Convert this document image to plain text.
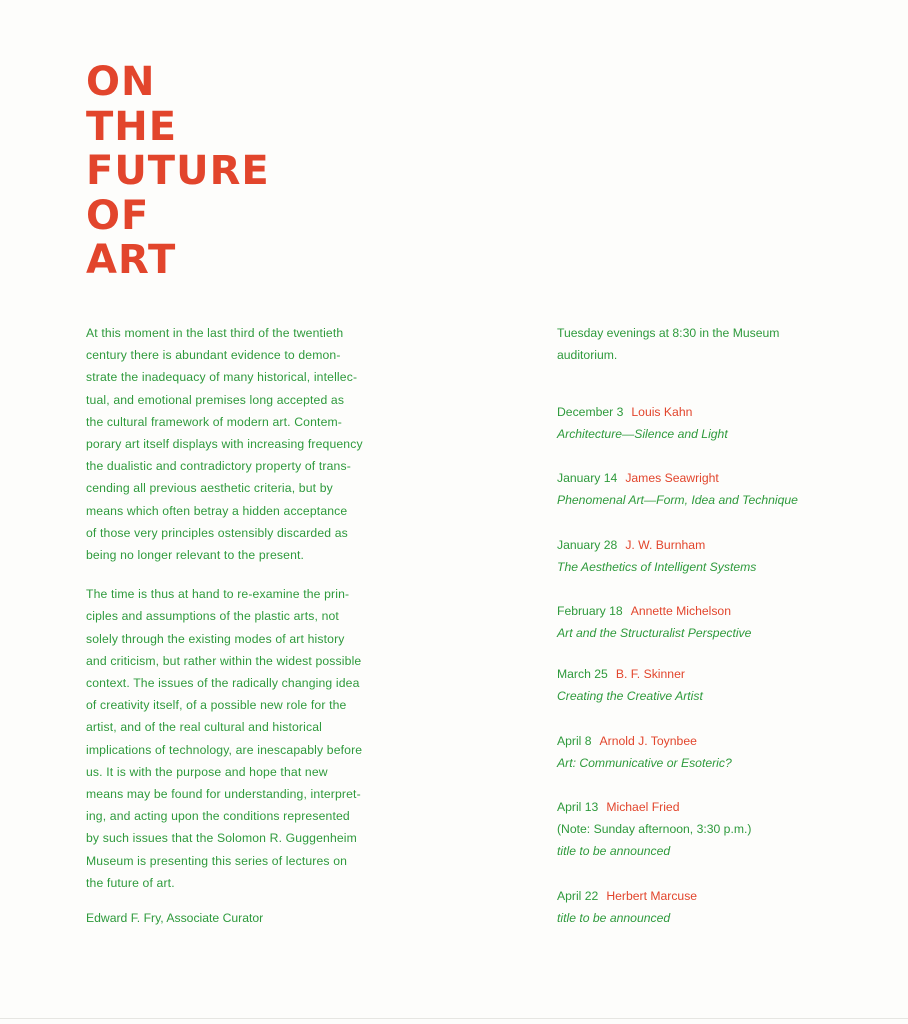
ON
THE
FUTURE
OF
ART

At this moment in the last third of the twentieth
century there is abundant evidence to demon-
strate the inadequacy of many historical, intellec-
tual, and emotional premises long accepted as
the cultural framework of modern art. Contem-
porary art itself displays with increasing frequency
the dualistic and contradictory property of trans-
cending all previous aesthetic criteria, but by
means which often betray a hidden acceptance
of those very principles ostensibly discarded as
being no longer relevant to the present.

The time is thus at hand to re-examine the prin-
ciples and assumptions of the plastic arts, not
solely through the existing modes of art history
and criticism, but rather within the widest possible
context. The issues of the radically changing idea
of creativity itself, of a possible new role for the
artist, and of the real cultural and historical
implications of technology, are inescapably before
us. It is with the purpose and hope that new
means may be found for understanding, interpret-
ing, and acting upon the conditions represented
by such issues that the Solomon R. Guggenheim
Museum is presenting this series of lectures on
the future of art.

Edward F. Fry, Associate Curator

Tuesday evenings at 8:30 in the Museum
auditorium.

December 3 Louis Kahn

Architecture—Silence and Light

January 14 James Seawright

Phenomenal Art—Form, Idea and Technique

January 28 J. W. Burnham

The Aesthetics of Intelligent Systems

February 18 Annette Michelson

Art and the Structuralist Perspective

March 25 B. F. Skinner

Creating the Creative Artist

April 8 Arnold J. Toynbee

Art: Communicative or Esoteric?

April 13 Michael Fried

(Note: Sunday afternoon, 3:30 p.m.)

title to be announced

April 22 Herbert Marcuse

title to be announced
